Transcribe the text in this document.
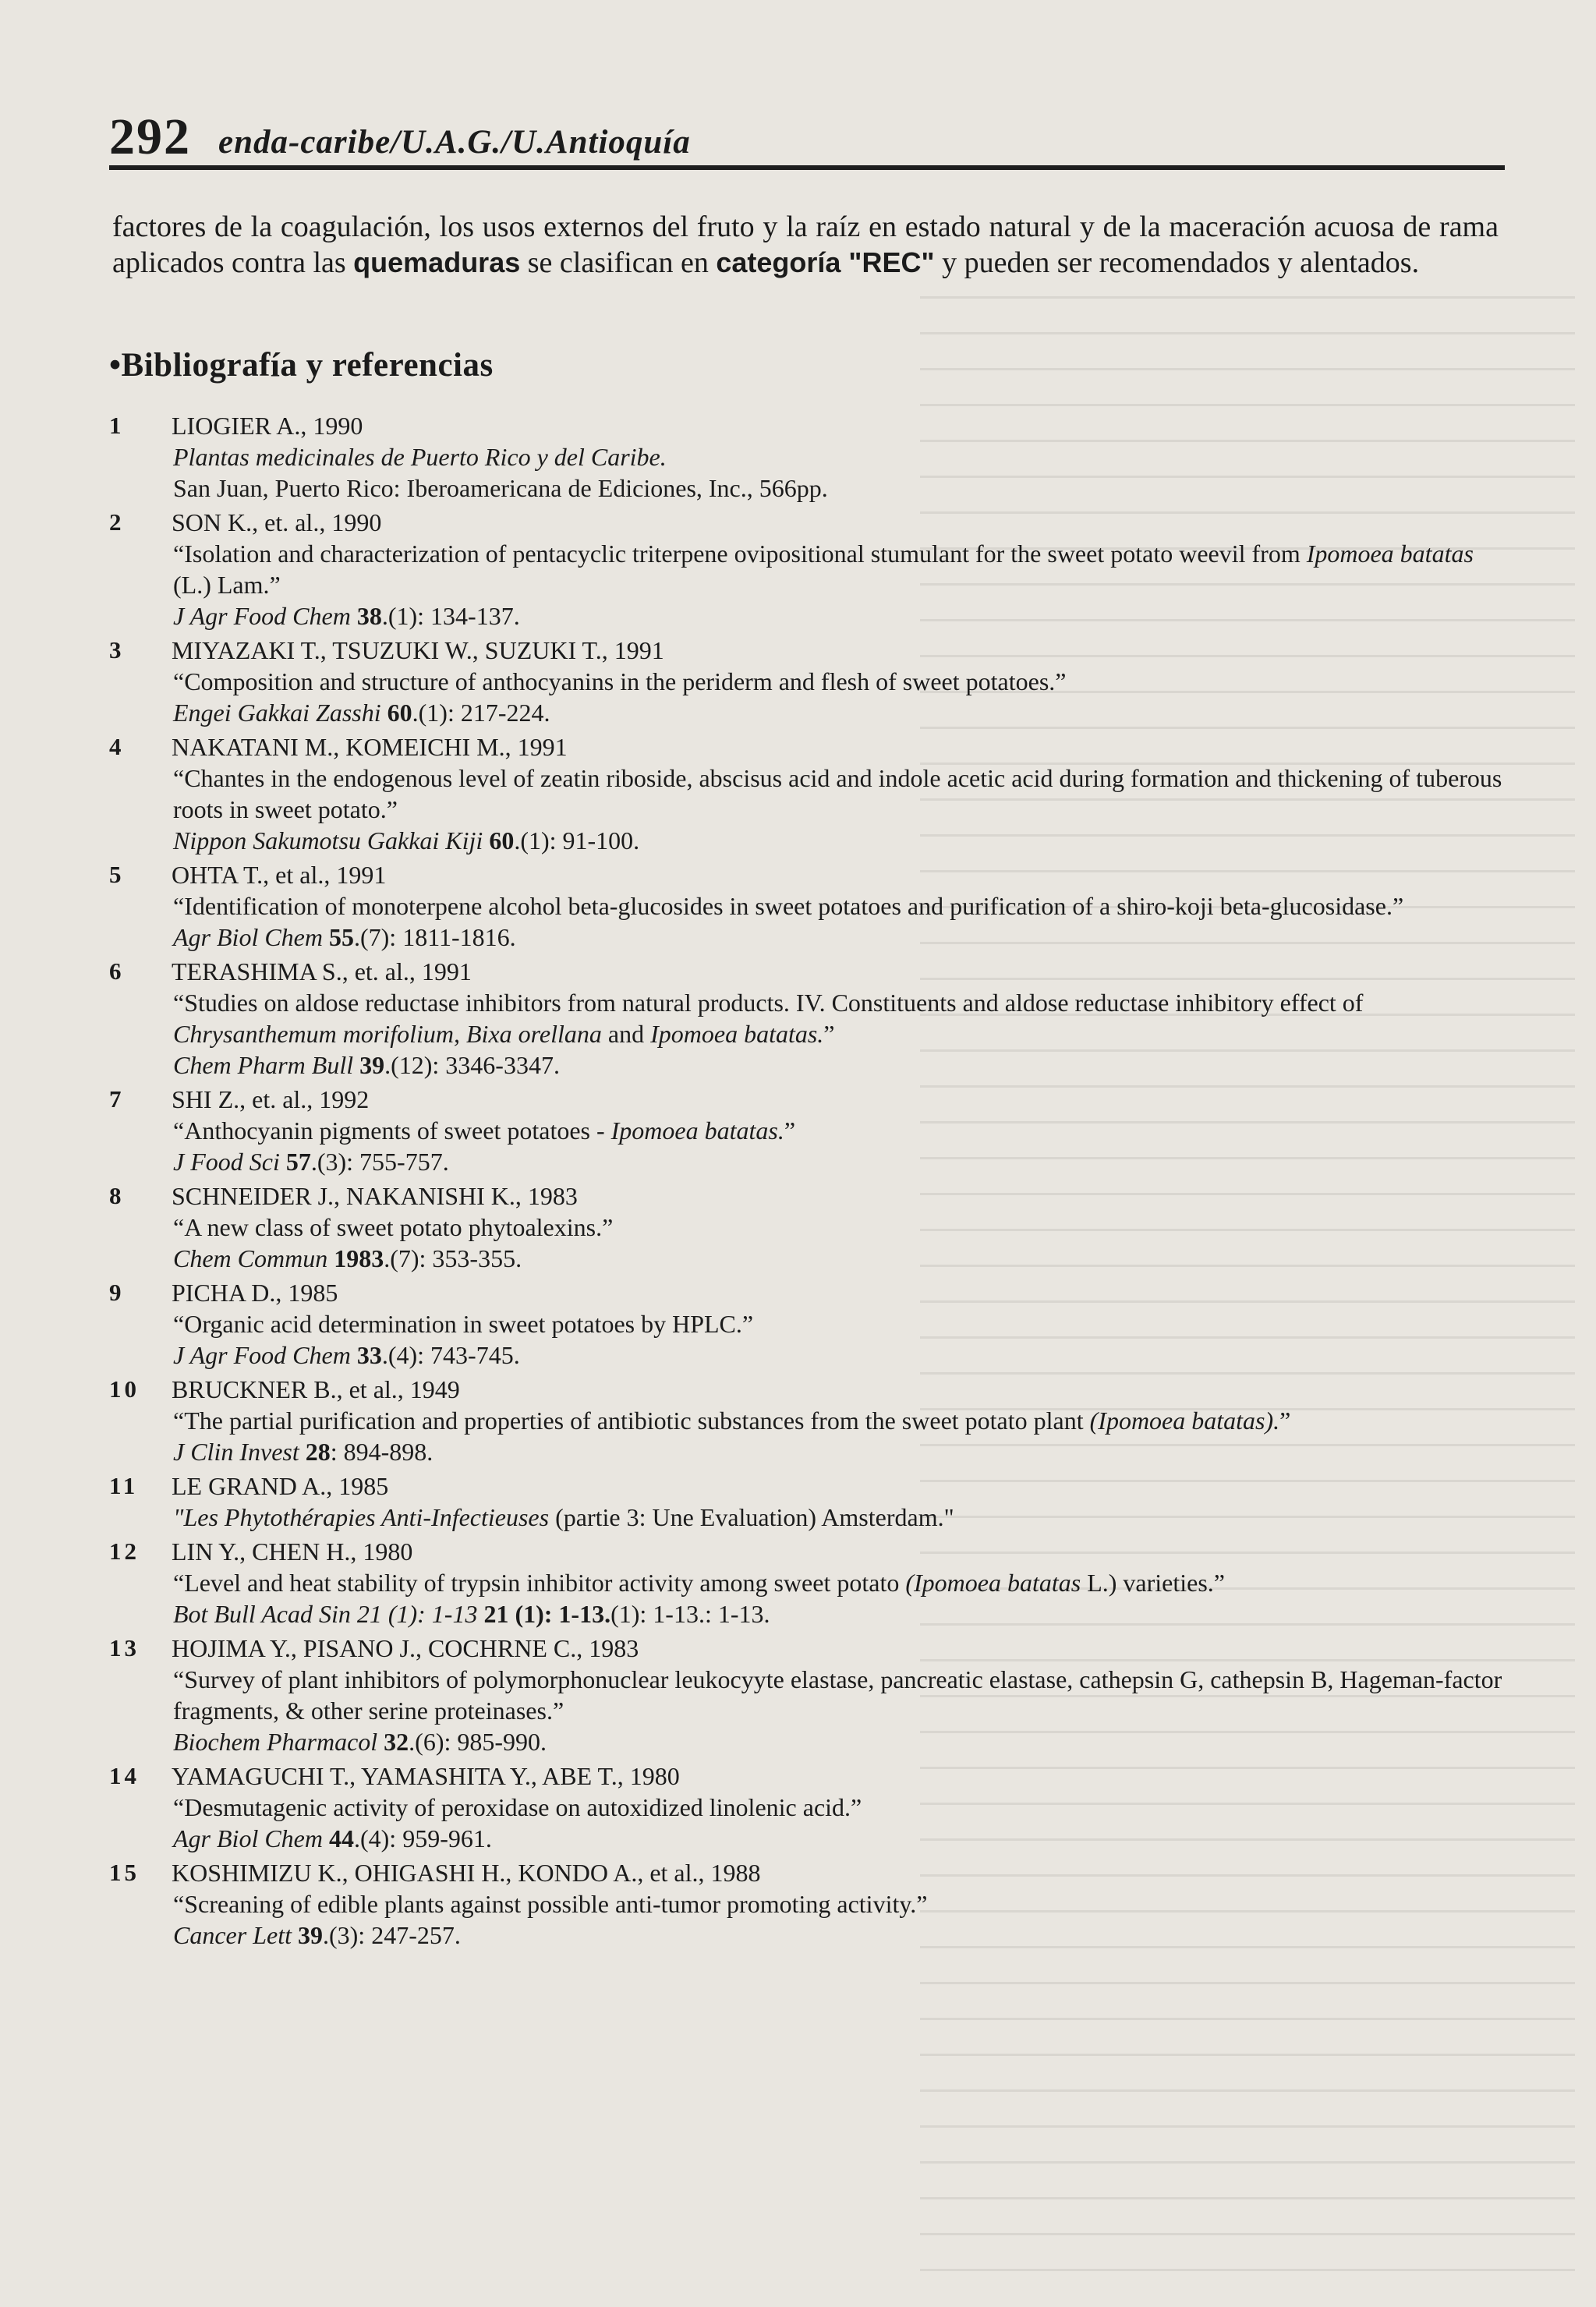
292 enda-caribe/U.A.G./U.Antioquía
factores de la coagulación, los usos externos del fruto y la raíz en estado natural y de la maceración acuosa de rama aplicados contra las quemaduras se clasifican en categoría "REC" y pueden ser recomendados y alentados.
•Bibliografía y referencias
1	LIOGIER A., 1990
Plantas medicinales de Puerto Rico y del Caribe.
San Juan, Puerto Rico: Iberoamericana de Ediciones, Inc., 566pp.
2	SON K., et. al., 1990
“Isolation and characterization of pentacyclic triterpene ovipositional stumulant for the sweet potato weevil from Ipomoea batatas (L.) Lam.”
J Agr Food Chem 38.(1): 134-137.
3	MIYAZAKI T., TSUZUKI W., SUZUKI T., 1991
“Composition and structure of anthocyanins in the periderm and flesh of sweet potatoes.”
Engei Gakkai Zasshi 60.(1): 217-224.
4	NAKATANI M., KOMEICHI M., 1991
“Chantes in the endogenous level of zeatin riboside, abscisus acid and indole acetic acid during formation and thickening of tuberous roots in sweet potato.”
Nippon Sakumotsu Gakkai Kiji 60.(1): 91-100.
5	OHTA T., et al., 1991
“Identification of monoterpene alcohol beta-glucosides in sweet potatoes and purification of a shiro-koji beta-glucosidase.”
Agr Biol Chem 55.(7): 1811-1816.
6	TERASHIMA S., et. al., 1991
“Studies on aldose reductase inhibitors from natural products. IV. Constituents and aldose reductase inhibitory effect of Chrysanthemum morifolium, Bixa orellana and Ipomoea batatas.”
Chem Pharm Bull 39.(12): 3346-3347.
7	SHI Z., et. al., 1992
“Anthocyanin pigments of sweet potatoes - Ipomoea batatas.”
J Food Sci 57.(3): 755-757.
8	SCHNEIDER J., NAKANISHI K., 1983
“A new class of sweet potato phytoalexins.”
Chem Commun 1983.(7): 353-355.
9	PICHA D., 1985
“Organic acid determination in sweet potatoes by HPLC.”
J Agr Food Chem 33.(4): 743-745.
10	BRUCKNER B., et al., 1949
“The partial purification and properties of antibiotic substances from the sweet potato plant (Ipomoea batatas).”
J Clin Invest 28: 894-898.
11	LE GRAND A., 1985
"Les Phytothérapies Anti-Infectieuses (partie 3: Une Evaluation) Amsterdam."
12	LIN Y., CHEN H., 1980
“Level and heat stability of trypsin inhibitor activity among sweet potato (Ipomoea batatas L.) varieties.”
Bot Bull Acad Sin 21 (1): 1-13 21 (1): 1-13.(1): 1-13.: 1-13.
13	HOJIMA Y., PISANO J., COCHRNE C., 1983
“Survey of plant inhibitors of polymorphonuclear leukocyyte elastase, pancreatic elastase, cathepsin G, cathepsin B, Hageman-factor fragments, & other serine proteinases.”
Biochem Pharmacol 32.(6): 985-990.
14	YAMAGUCHI T., YAMASHITA Y., ABE T., 1980
“Desmutagenic activity of peroxidase on autoxidized linolenic acid.”
Agr Biol Chem 44.(4): 959-961.
15	KOSHIMIZU K., OHIGASHI H., KONDO A., et al., 1988
“Screaning of edible plants against possible anti-tumor promoting activity.”
Cancer Lett 39.(3): 247-257.
